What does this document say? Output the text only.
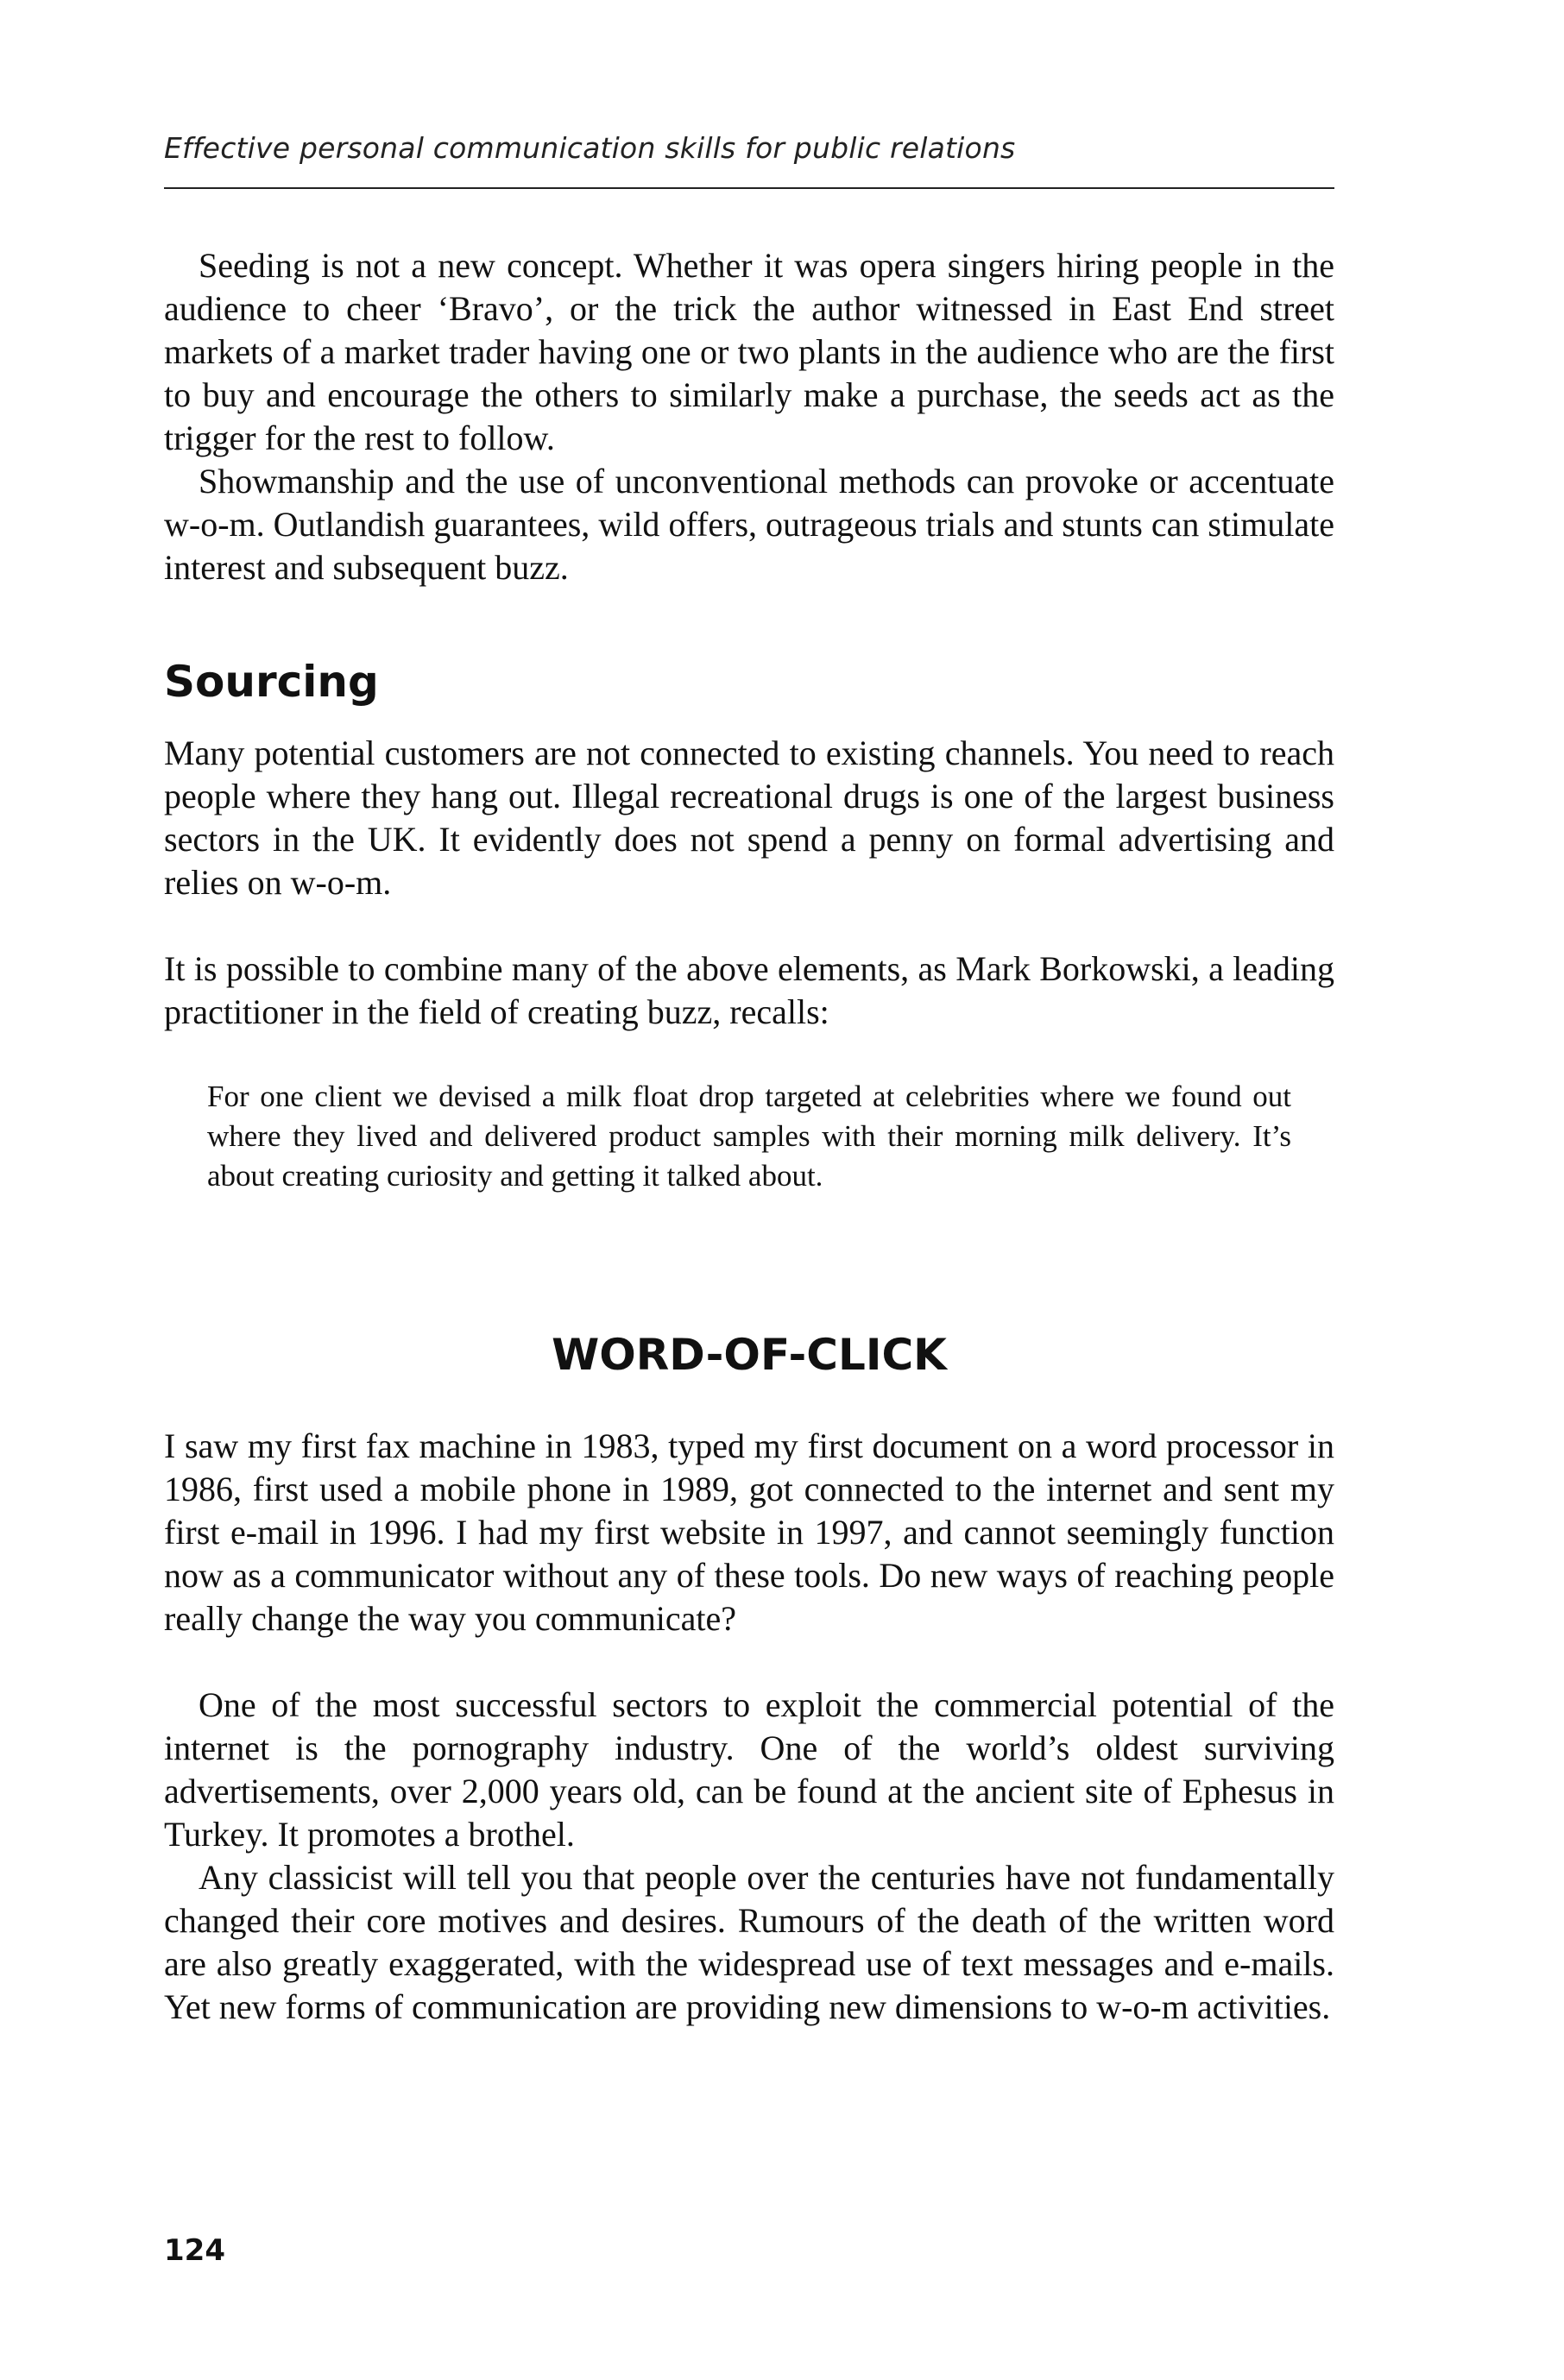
Effective personal communication skills for public relations

Seeding is not a new concept. Whether it was opera singers hiring people in the audience to cheer ‘Bravo’, or the trick the author witnessed in East End street markets of a market trader having one or two plants in the audience who are the first to buy and encourage the others to similarly make a purchase, the seeds act as the trigger for the rest to follow.

Showmanship and the use of unconventional methods can provoke or accentuate w-o-m. Outlandish guarantees, wild offers, outrageous trials and stunts can stimulate interest and subsequent buzz.

Sourcing

Many potential customers are not connected to existing channels. You need to reach people where they hang out. Illegal recreational drugs is one of the largest business sectors in the UK. It evidently does not spend a penny on formal advertising and relies on w-o-m.

It is possible to combine many of the above elements, as Mark Borkowski, a leading practitioner in the field of creating buzz, recalls:

For one client we devised a milk float drop targeted at celebrities where we found out where they lived and delivered product samples with their morning milk delivery. It’s about creating curiosity and getting it talked about.

WORD-OF-CLICK

I saw my first fax machine in 1983, typed my first document on a word processor in 1986, first used a mobile phone in 1989, got connected to the internet and sent my first e-mail in 1996. I had my first website in 1997, and cannot seemingly function now as a communicator without any of these tools. Do new ways of reaching people really change the way you communicate?

One of the most successful sectors to exploit the commercial potential of the internet is the pornography industry. One of the world’s oldest surviving advertisements, over 2,000 years old, can be found at the ancient site of Ephesus in Turkey. It promotes a brothel.

Any classicist will tell you that people over the centuries have not fundamentally changed their core motives and desires. Rumours of the death of the written word are also greatly exaggerated, with the widespread use of text messages and e-mails. Yet new forms of communication are providing new dimensions to w-o-m activities.

124
